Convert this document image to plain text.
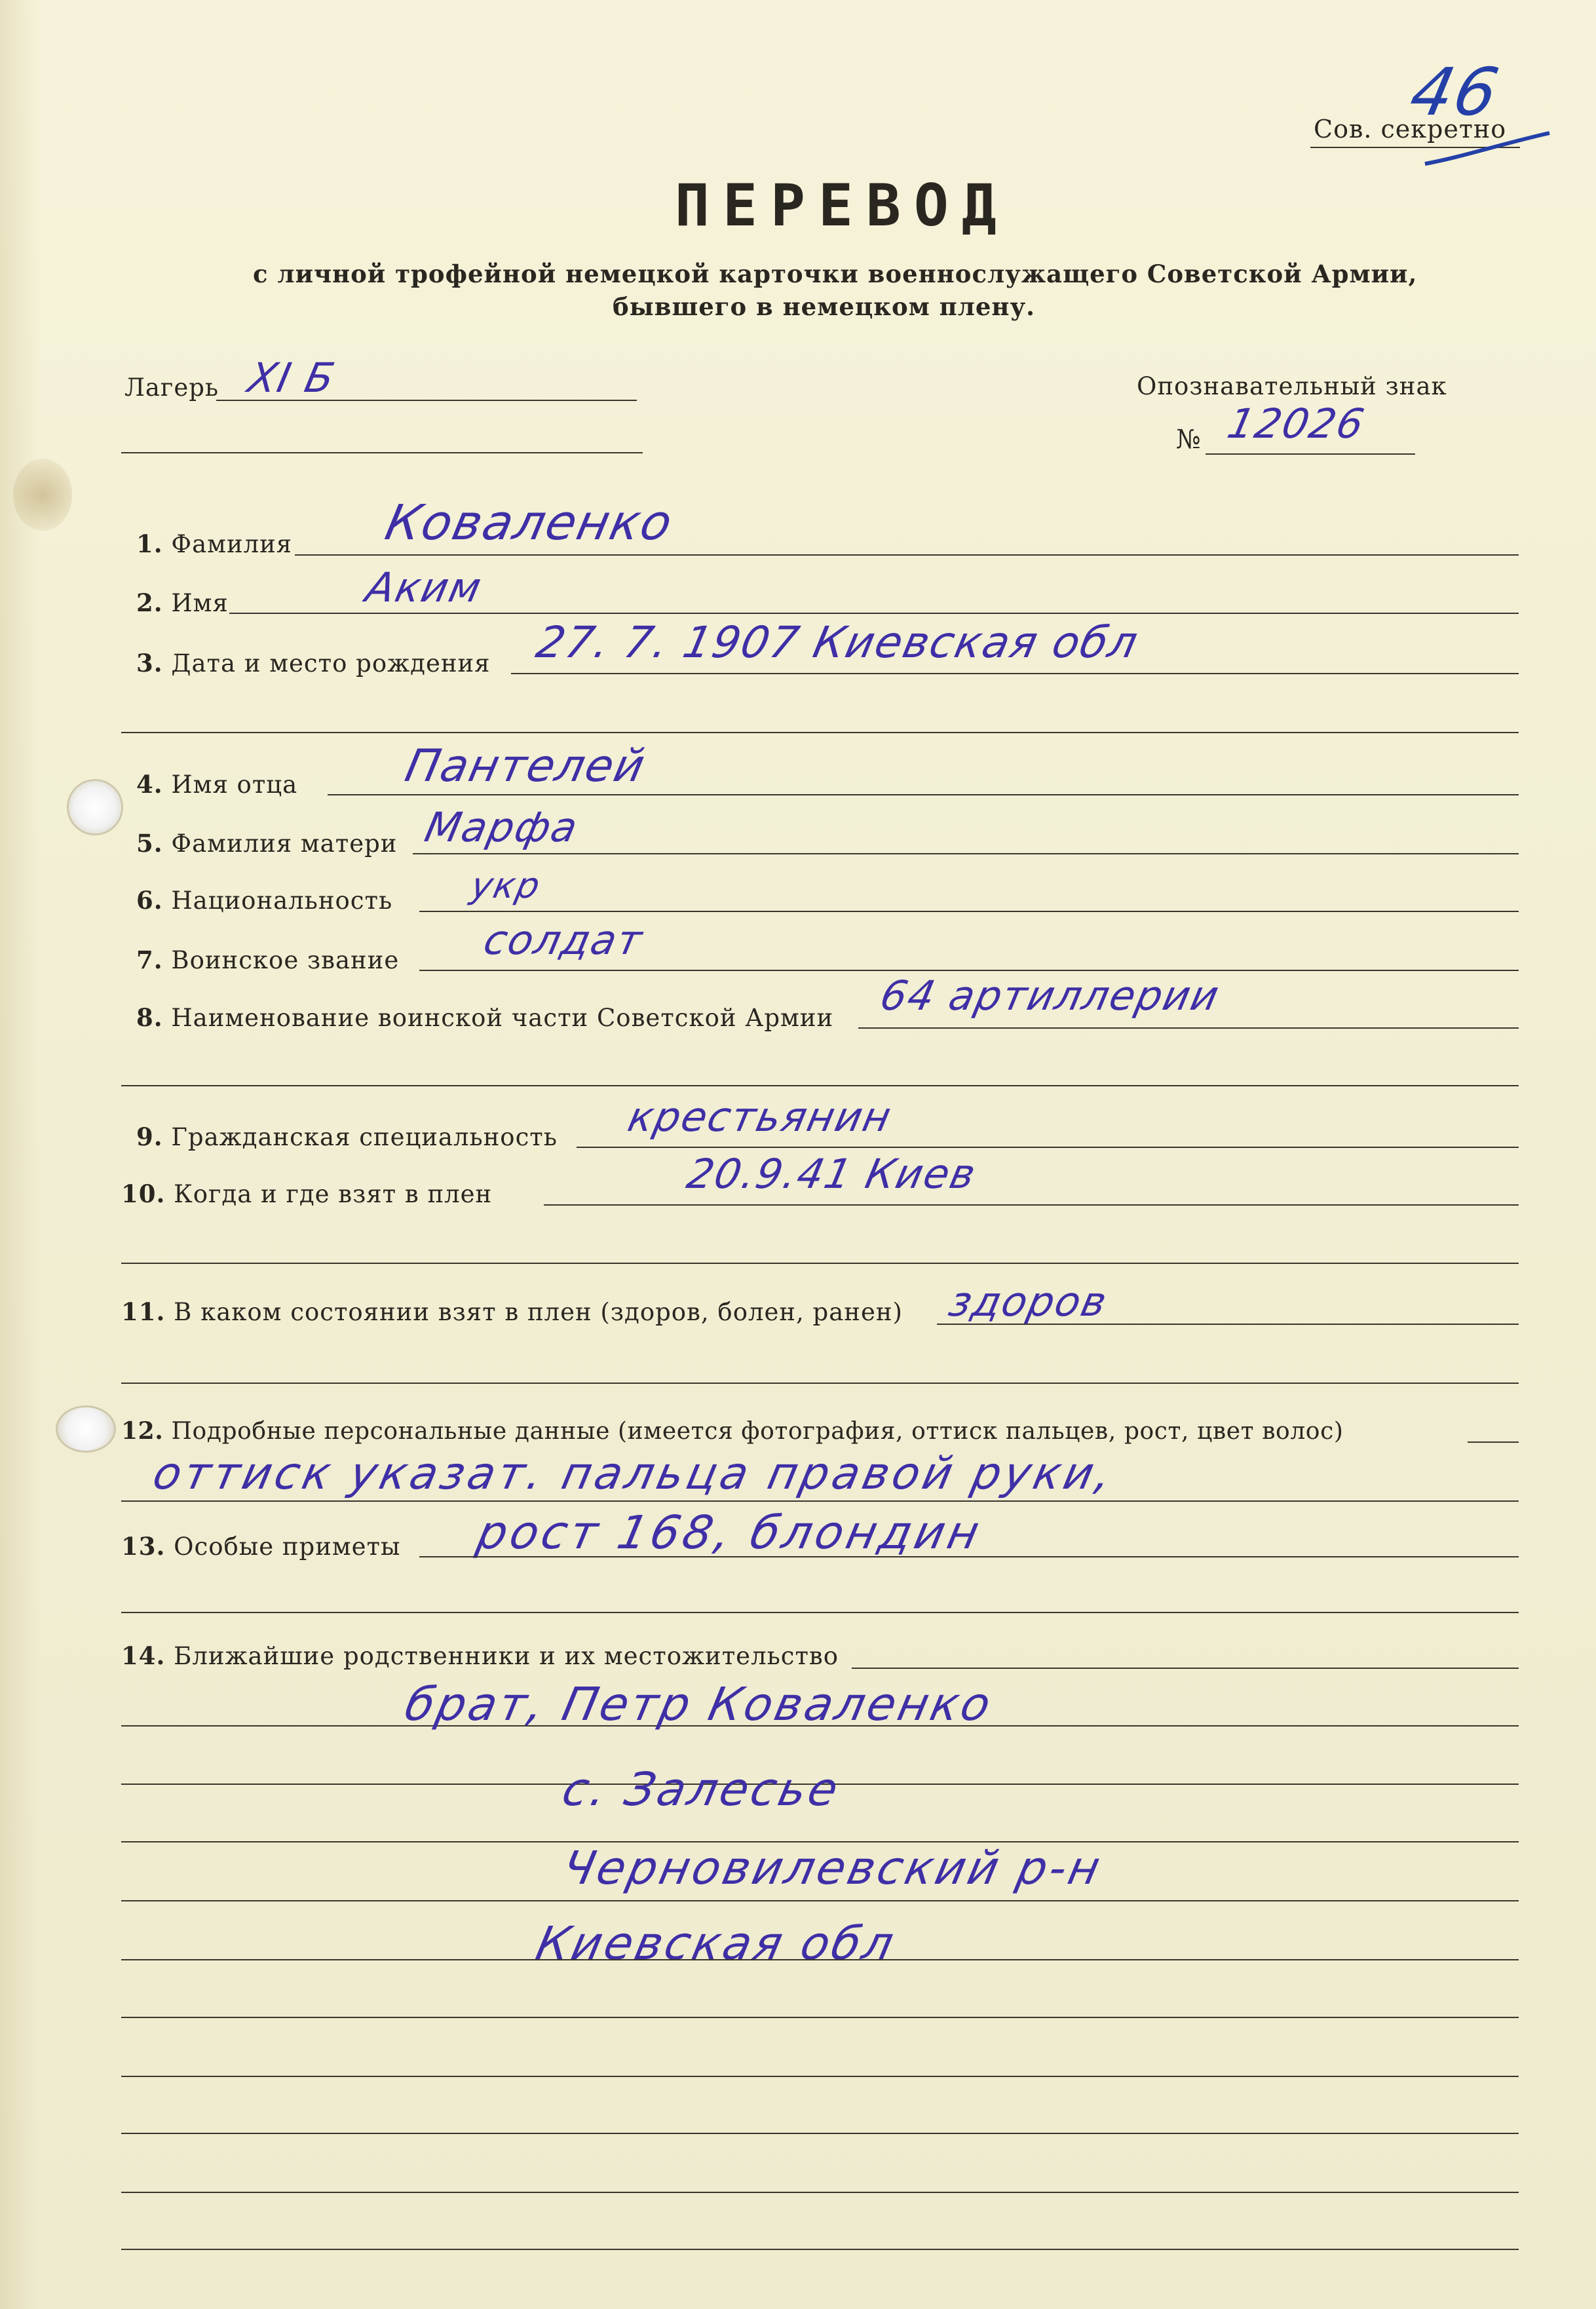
46
Сов. секретно
ПЕРЕВОД
с личной трофейной немецкой карточки военнослужащего Советской Армии,
бывшего в немецком плену.
Лагерь XI Б	Опознавательный знак
№ 12026
1. Фамилия Коваленко
2. Имя	Аким
3. Дата и место рождения 27. 7. 1907 Киевская обл
4. Имя отца Пантелей
5. Фамилия матери Марфа
6. Национальность укр
7. Воинское звание солдат
8. Наименование воинской части Советской Армии 64 артиллерии
9. Гражданская специальность крестьянин
10. Когда и где взят в плен	20.9.41 Киев
11. В каком состоянии взят в плен (здоров, болен, ранен) здоров
12. Подробные персональные данные (имеется фотография, оттиск пальцев, рост, цвет волос)
оттиск указат. пальца правой руки,
13. Особые приметы рост 168, блондин
14. Ближайшие родственники и их местожительство
брат, Петр Коваленко
с. Залесье
Черновилевский р-н
Киевская обл
